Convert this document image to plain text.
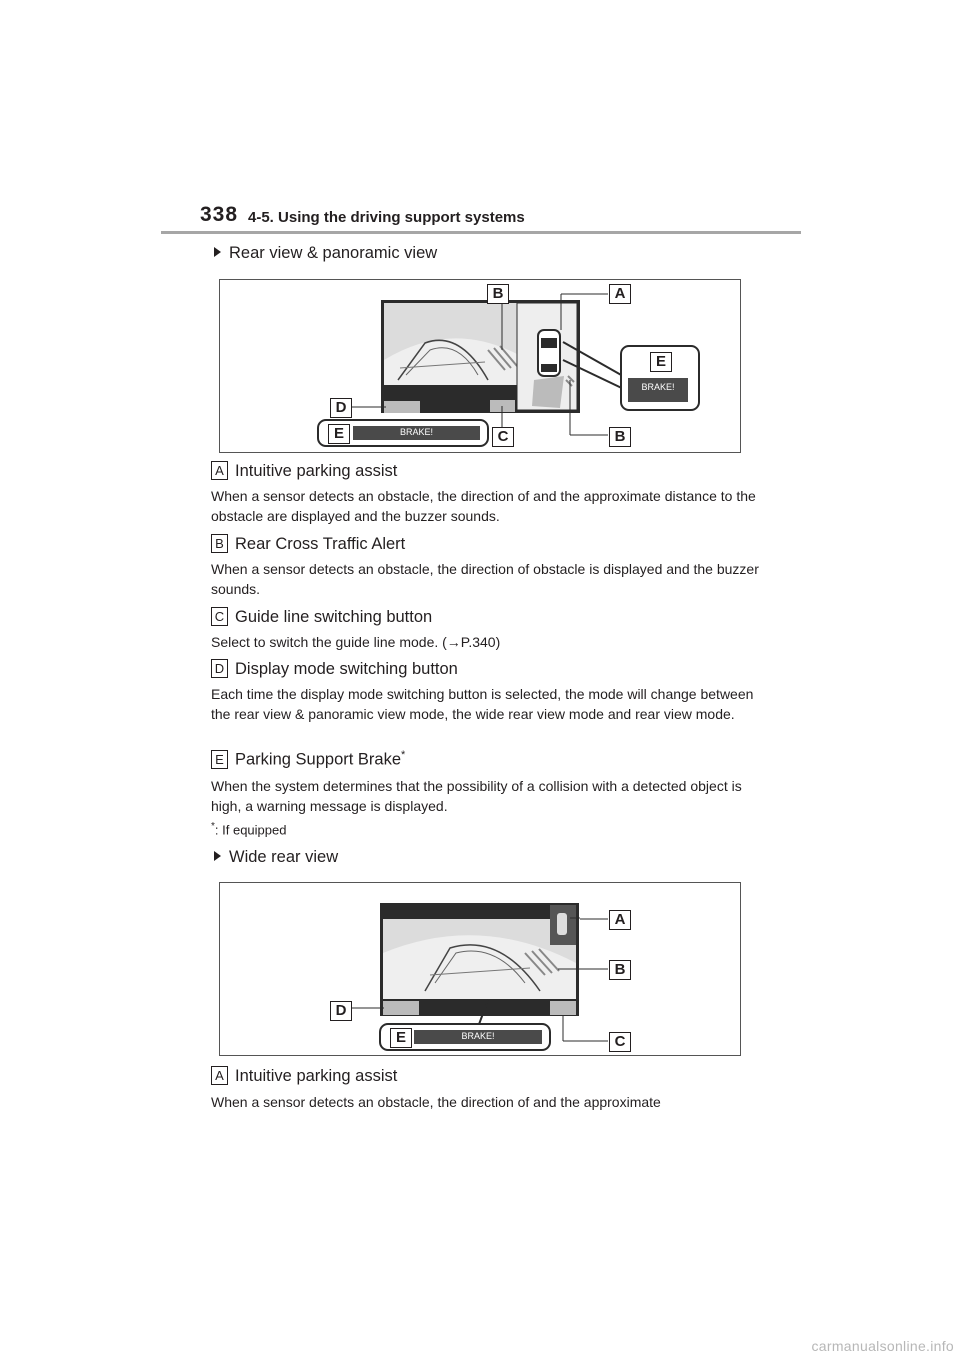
338 4-5. Using the driving support systems
Rear view & panoramic view
B	A
D
C	B
E
E
BRAKE!
BRAKE!
A Intuitive parking assist
When a sensor detects an obstacle, the direction of and the approximate distance to the obstacle are displayed and the buzzer sounds.
B Rear Cross Traffic Alert
When a sensor detects an obstacle, the direction of obstacle is displayed and the buzzer sounds.
C Guide line switching button
Select to switch the guide line mode. (→P.340)
D Display mode switching button
Each time the display mode switching button is selected, the mode will change between the rear view & panoramic view mode, the wide rear view mode and rear view mode.
E Parking Support Brake*
When the system determines that the possibility of a collision with a detected object is high, a warning message is displayed.
*: If equipped
Wide rear view
A
B
C
D
E	BRAKE!
A Intuitive parking assist
When a sensor detects an obstacle, the direction of and the approximate
carmanualsonline.info
